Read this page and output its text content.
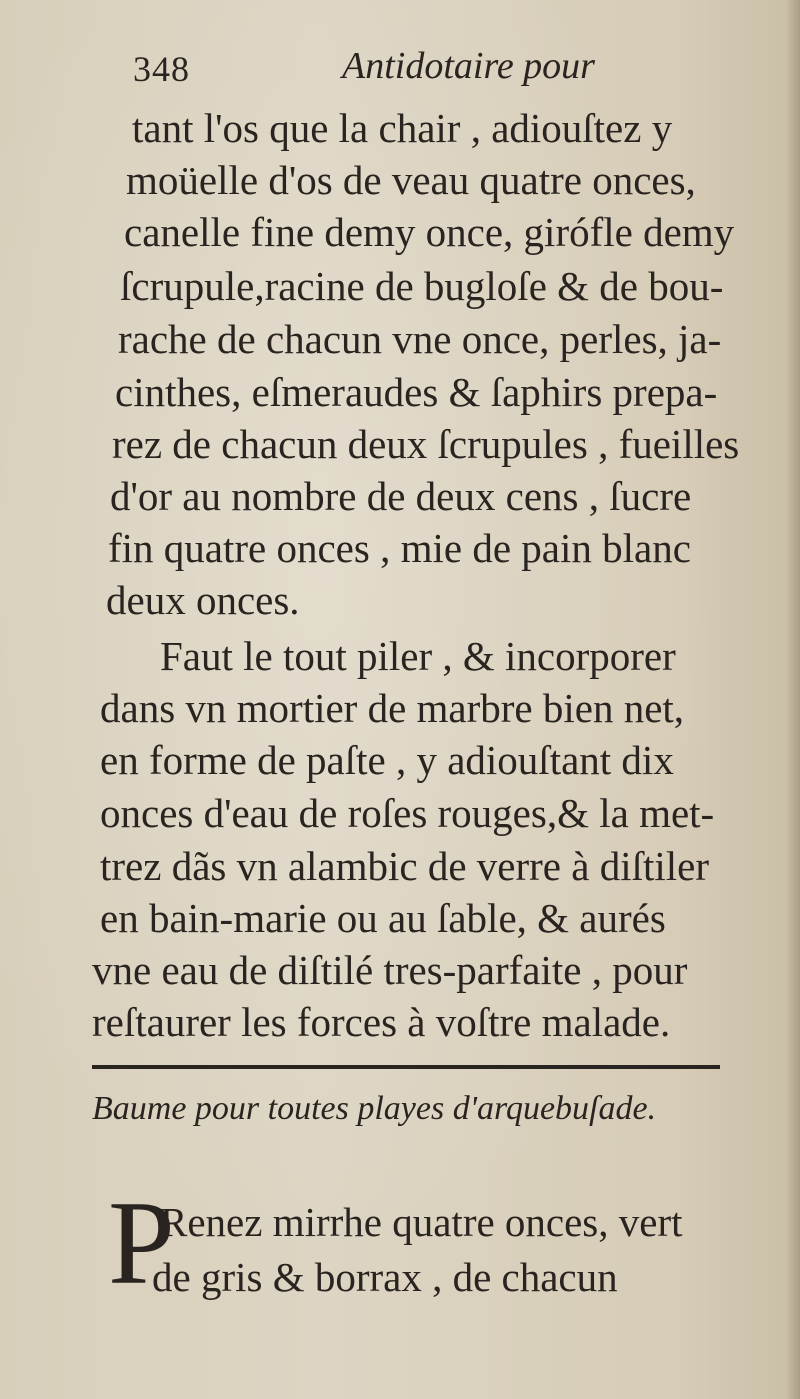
348	Antidotaire pour
tant l'os que la chair , adiouſtez y
moüelle d'os de veau quatre onces,
canelle fine demy once, girófle demy
ſcrupule,racine de bugloſe & de bou-
rache de chacun vne once, perles, ja-
cinthes, eſmeraudes & ſaphirs prepa-
rez de chacun deux ſcrupules , fueilles
d'or au nombre de deux cens , ſucre
fin quatre onces , mie de pain blanc
deux onces.
Faut le tout piler , & incorporer
dans vn mortier de marbre bien net,
en forme de paſte , y adiouſtant dix
onces d'eau de roſes rouges,& la met-
trez dãs vn alambic de verre à diſtiler
en bain-marie ou au ſable, & aurés
vne eau de diſtilé tres-parfaite , pour
reſtaurer les forces à voſtre malade.
Baume pour toutes playes d'arquebuſade.
P
Renez mirrhe quatre onces, vert
de gris & borrax , de chacun
